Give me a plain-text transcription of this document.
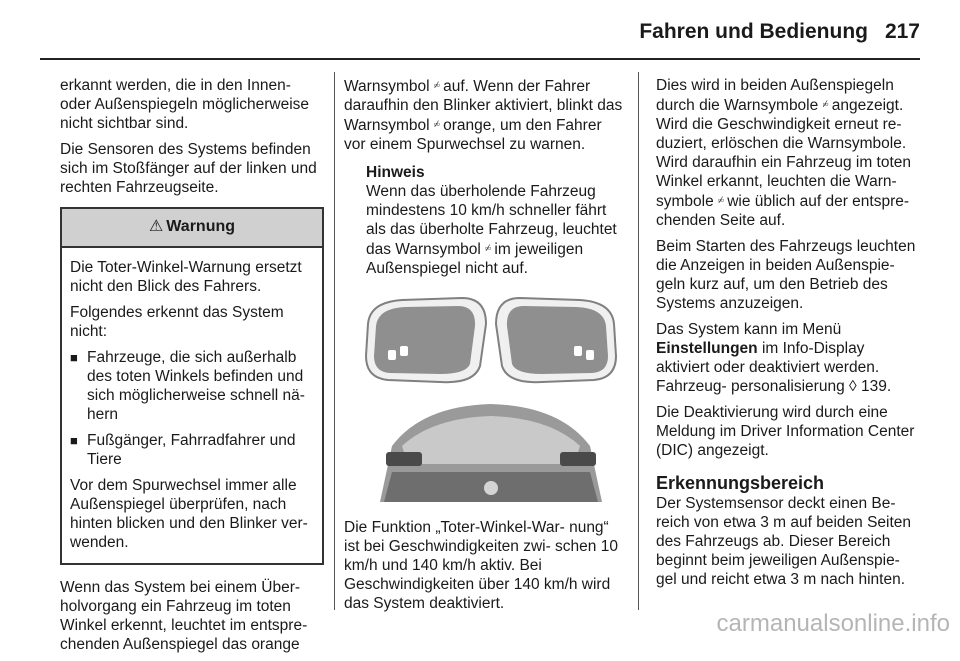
Fahren und Bedienung 217

erkannt werden, die in den Innen- oder Außenspiegeln möglicherweise nicht sichtbar sind.

Die Sensoren des Systems befinden sich im Stoßfänger auf der linken und rechten Fahrzeugseite.

⚠ Warnung

Die Toter-Winkel-Warnung ersetzt nicht den Blick des Fahrers.

Folgendes erkennt das System nicht:

■ Fahrzeuge, die sich außerhalb des toten Winkels befinden und sich möglicherweise schnell nä- hern
■ Fußgänger, Fahrradfahrer und Tiere

Vor dem Spurwechsel immer alle Außenspiegel überprüfen, nach hinten blicken und den Blinker ver- wenden.

Wenn das System bei einem Über- holvorgang ein Fahrzeug im toten Winkel erkennt, leuchtet im entspre- chenden Außenspiegel das orange

Warnsymbol ▫⁄▫ auf. Wenn der Fahrer daraufhin den Blinker aktiviert, blinkt das Warnsymbol ▫⁄▫ orange, um den Fahrer vor einem Spurwechsel zu warnen.

Hinweis
Wenn das überholende Fahrzeug mindestens 10 km/h schneller fährt als das überholte Fahrzeug, leuchtet das Warnsymbol ▫⁄▫ im jeweiligen Außenspiegel nicht auf.

Die Funktion „Toter-Winkel-War- nung“ ist bei Geschwindigkeiten zwi- schen 10 km/h und 140 km/h aktiv. Bei Geschwindigkeiten über 140 km/h wird das System deaktiviert.

Dies wird in beiden Außenspiegeln durch die Warnsymbole ▫⁄▫ angezeigt. Wird die Geschwindigkeit erneut re- duziert, erlöschen die Warnsymbole. Wird daraufhin ein Fahrzeug im toten Winkel erkannt, leuchten die Warn- symbole ▫⁄▫ wie üblich auf der entspre- chenden Seite auf.

Beim Starten des Fahrzeugs leuchten die Anzeigen in beiden Außenspie- geln kurz auf, um den Betrieb des Systems anzuzeigen.

Das System kann im Menü Einstellungen im Info-Display aktiviert oder deaktiviert werden. Fahrzeug- personalisierung ◊ 139.

Die Deaktivierung wird durch eine Meldung im Driver Information Center (DIC) angezeigt.

Erkennungsbereich

Der Systemsensor deckt einen Be- reich von etwa 3 m auf beiden Seiten des Fahrzeugs ab. Dieser Bereich beginnt beim jeweiligen Außenspie- gel und reicht etwa 3 m nach hinten.

carmanualsonline.info
